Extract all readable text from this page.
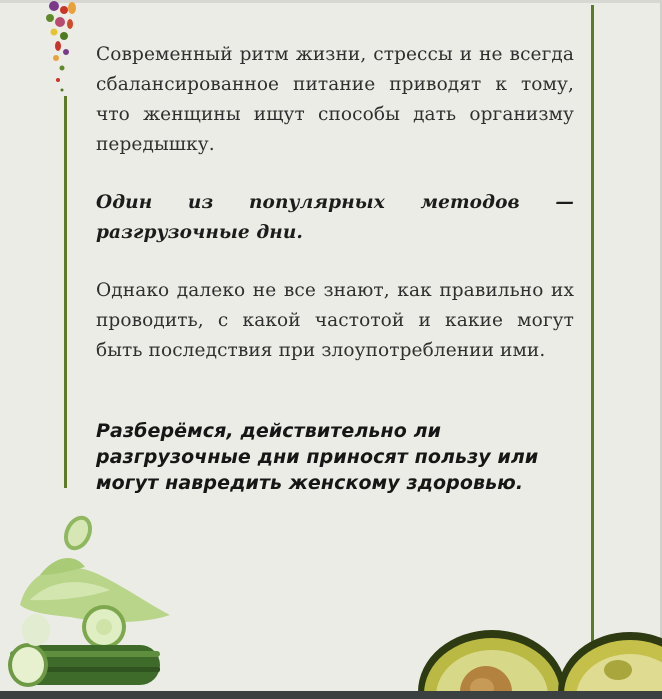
Современный ритм жизни, стрессы и не всегда сбалансированное питание приводят к тому, что женщины ищут способы дать организму передышку.

Один из популярных методов — разгрузочные дни.

Однако далеко не все знают, как правильно их проводить, с какой частотой и какие могут быть последствия при злоупотреблении ими.

Разберёмся, действительно ли разгрузочные дни приносят пользу или могут навредить женскому здоровью.
